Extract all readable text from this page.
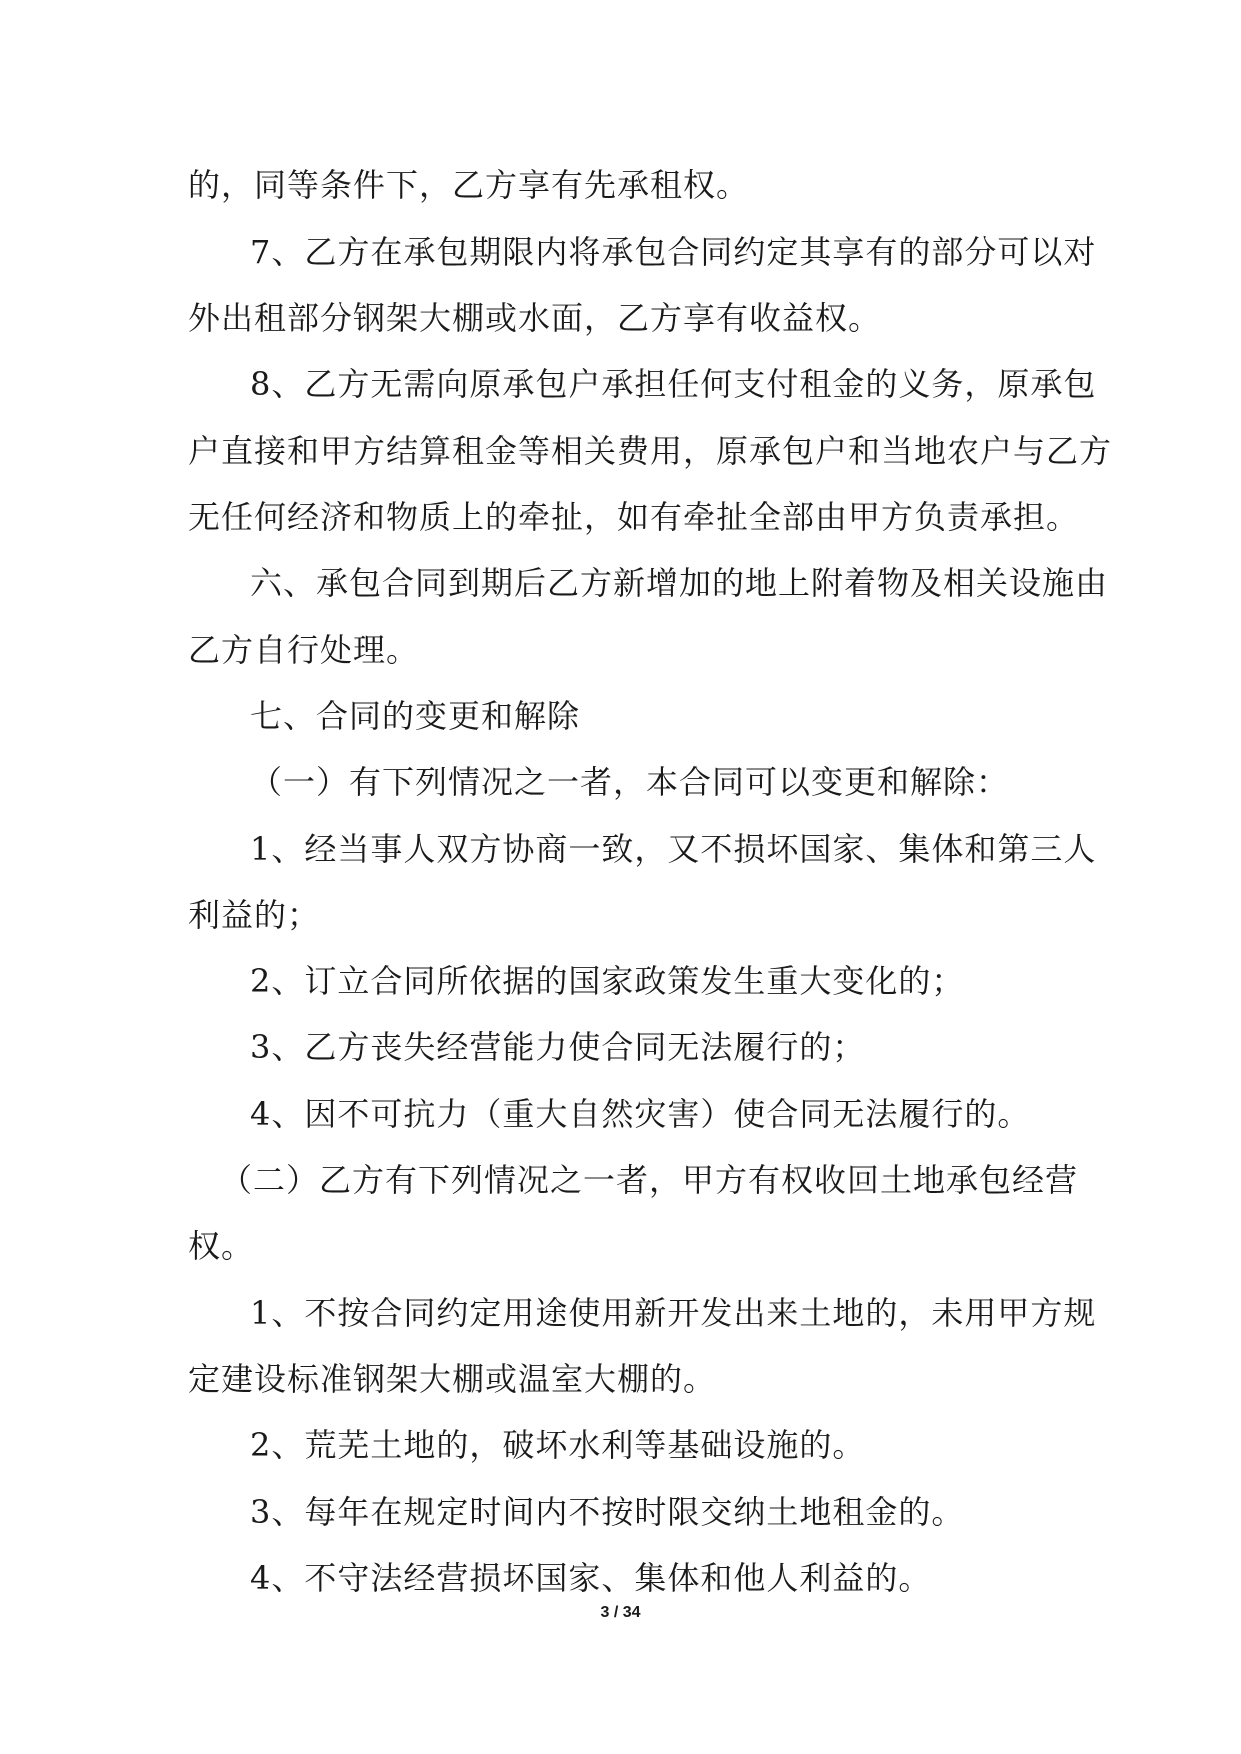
的，同等条件下，乙方享有先承租权。
7、乙方在承包期限内将承包合同约定其享有的部分可以对
外出租部分钢架大棚或水面，乙方享有收益权。
8、乙方无需向原承包户承担任何支付租金的义务，原承包
户直接和甲方结算租金等相关费用，原承包户和当地农户与乙方
无任何经济和物质上的牵扯，如有牵扯全部由甲方负责承担。
六、承包合同到期后乙方新增加的地上附着物及相关设施由
乙方自行处理。
七、合同的变更和解除
（一）有下列情况之一者，本合同可以变更和解除：
1、经当事人双方协商一致，又不损坏国家、集体和第三人
利益的；
2、订立合同所依据的国家政策发生重大变化的；
3、乙方丧失经营能力使合同无法履行的；
4、因不可抗力（重大自然灾害）使合同无法履行的。
（二）乙方有下列情况之一者，甲方有权收回土地承包经营
权。
1、不按合同约定用途使用新开发出来土地的，未用甲方规
定建设标准钢架大棚或温室大棚的。
2、荒芜土地的，破坏水利等基础设施的。
3、每年在规定时间内不按时限交纳土地租金的。
4、不守法经营损坏国家、集体和他人利益的。
3 / 34
